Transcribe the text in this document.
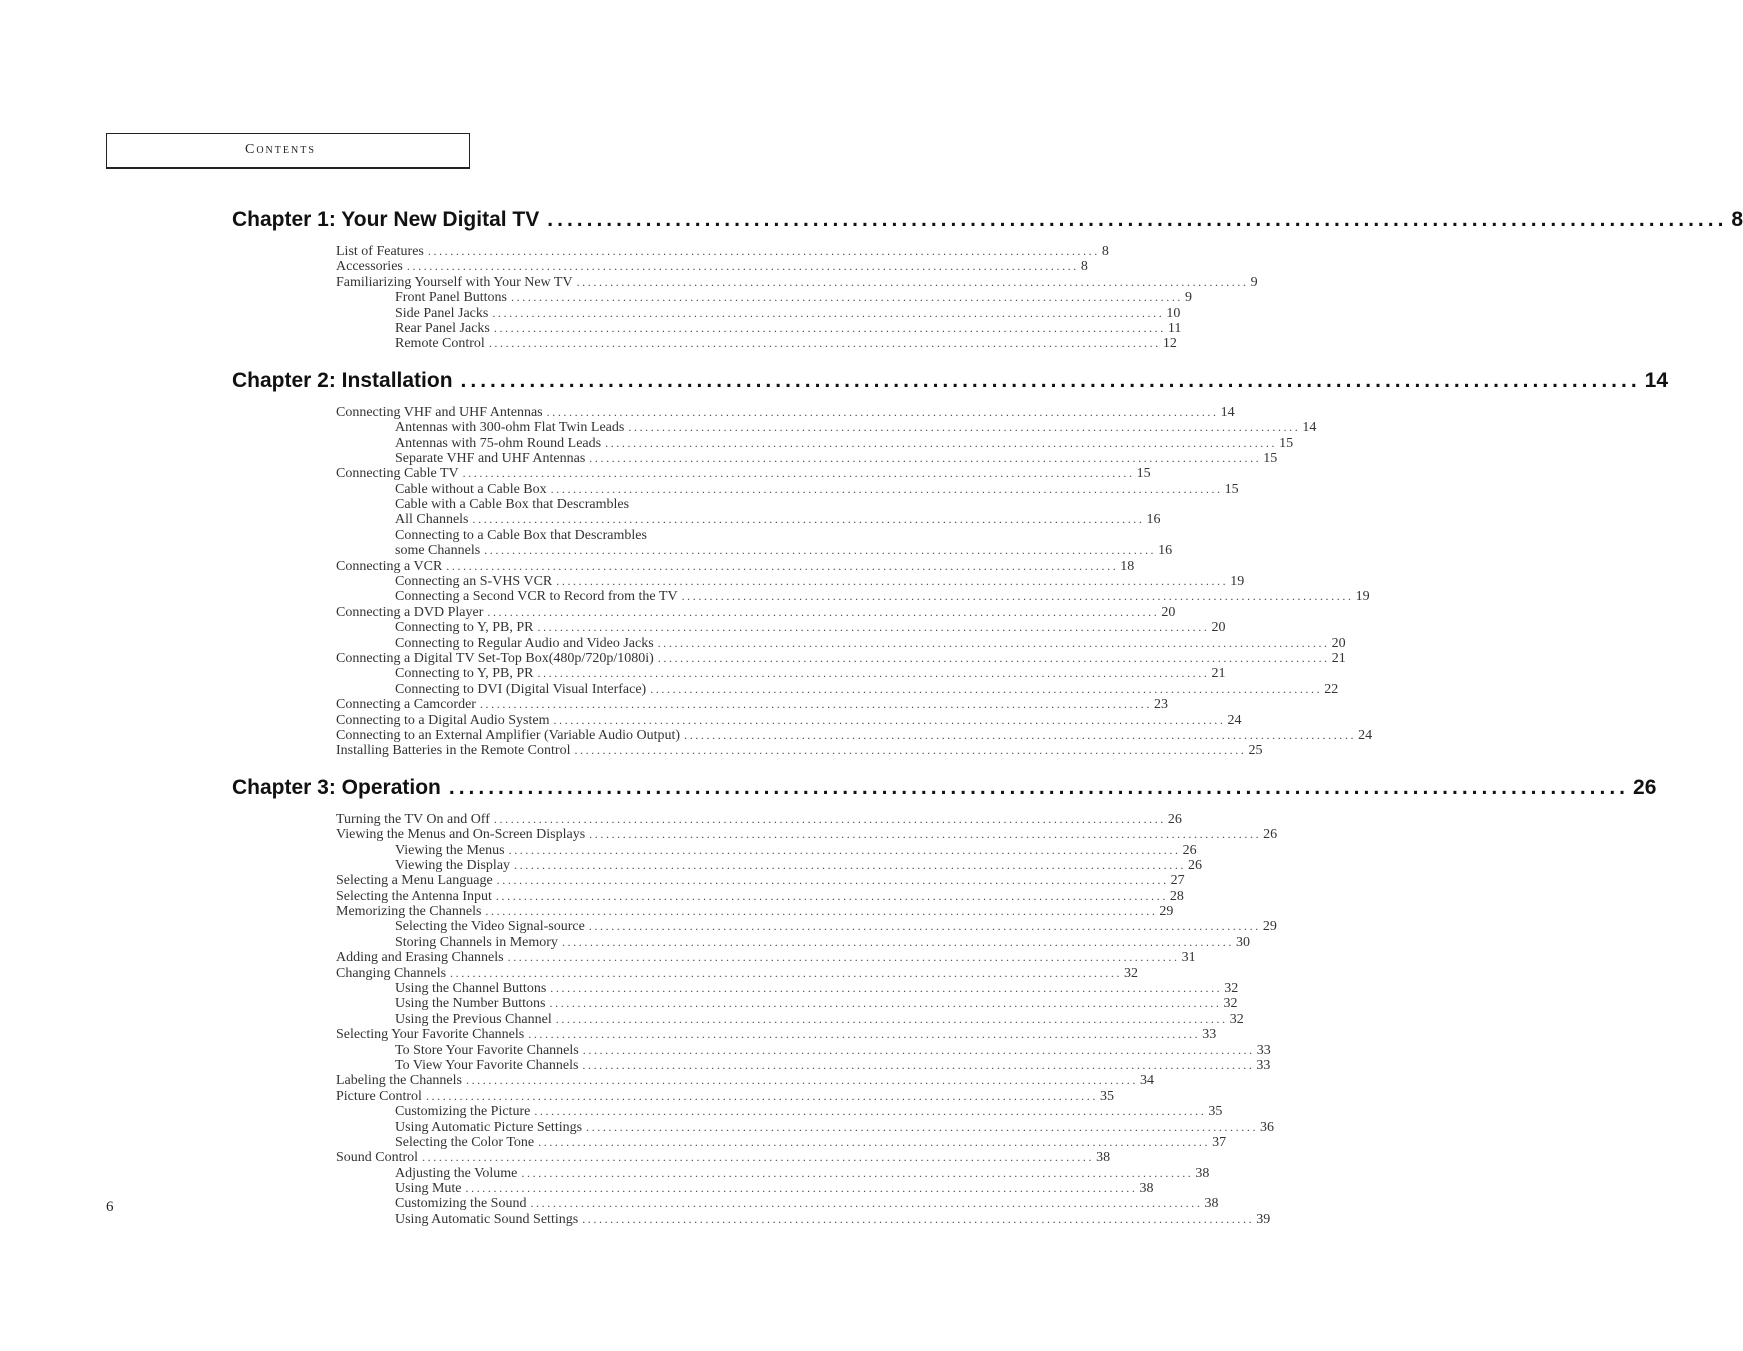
Contents
Chapter 1: Your New Digital TV ........................................................................................................................ 8
List of Features ........................................................................................................................ 8
Accessories ........................................................................................................................ 8
Familiarizing Yourself with Your New TV ........................................................................................................................ 9
Front Panel Buttons ........................................................................................................................ 9
Side Panel Jacks ........................................................................................................................ 10
Rear Panel Jacks ........................................................................................................................ 11
Remote Control ........................................................................................................................ 12
Chapter 2: Installation ........................................................................................................................ 14
Connecting VHF and UHF Antennas ........................................................................................................................ 14
Antennas with 300-ohm Flat Twin Leads ........................................................................................................................ 14
Antennas with 75-ohm Round Leads ........................................................................................................................ 15
Separate VHF and UHF Antennas ........................................................................................................................ 15
Connecting Cable TV ........................................................................................................................ 15
Cable without a Cable Box ........................................................................................................................ 15
Cable with a Cable Box that Descrambles
All Channels ........................................................................................................................ 16
Connecting to a Cable Box that Descrambles
some Channels ........................................................................................................................ 16
Connecting a VCR ........................................................................................................................ 18
Connecting an S-VHS VCR ........................................................................................................................ 19
Connecting a Second VCR to Record from the TV ........................................................................................................................ 19
Connecting a DVD Player ........................................................................................................................ 20
Connecting to Y, PB, PR ........................................................................................................................ 20
Connecting to Regular Audio and Video Jacks ........................................................................................................................ 20
Connecting a Digital TV Set-Top Box(480p/720p/1080i) ........................................................................................................................ 21
Connecting to Y, PB, PR ........................................................................................................................ 21
Connecting to DVI (Digital Visual Interface) ........................................................................................................................ 22
Connecting a Camcorder ........................................................................................................................ 23
Connecting to a Digital Audio System ........................................................................................................................ 24
Connecting to an External Amplifier (Variable Audio Output) ........................................................................................................................ 24
Installing Batteries in the Remote Control ........................................................................................................................ 25
Chapter 3: Operation ........................................................................................................................ 26
Turning the TV On and Off ........................................................................................................................ 26
Viewing the Menus and On-Screen Displays ........................................................................................................................ 26
Viewing the Menus ........................................................................................................................ 26
Viewing the Display ........................................................................................................................ 26
Selecting a Menu Language ........................................................................................................................ 27
Selecting the Antenna Input ........................................................................................................................ 28
Memorizing the Channels ........................................................................................................................ 29
Selecting the Video Signal-source ........................................................................................................................ 29
Storing Channels in Memory ........................................................................................................................ 30
Adding and Erasing Channels ........................................................................................................................ 31
Changing Channels ........................................................................................................................ 32
Using the Channel Buttons ........................................................................................................................ 32
Using the Number Buttons ........................................................................................................................ 32
Using the Previous Channel ........................................................................................................................ 32
Selecting Your Favorite Channels ........................................................................................................................ 33
To Store Your Favorite Channels ........................................................................................................................ 33
To View Your Favorite Channels ........................................................................................................................ 33
Labeling the Channels ........................................................................................................................ 34
Picture Control ........................................................................................................................ 35
Customizing the Picture ........................................................................................................................ 35
Using Automatic Picture Settings ........................................................................................................................ 36
Selecting the Color Tone ........................................................................................................................ 37
Sound Control ........................................................................................................................ 38
Adjusting the Volume ........................................................................................................................ 38
Using Mute ........................................................................................................................ 38
Customizing the Sound ........................................................................................................................ 38
Using Automatic Sound Settings ........................................................................................................................ 39
6
